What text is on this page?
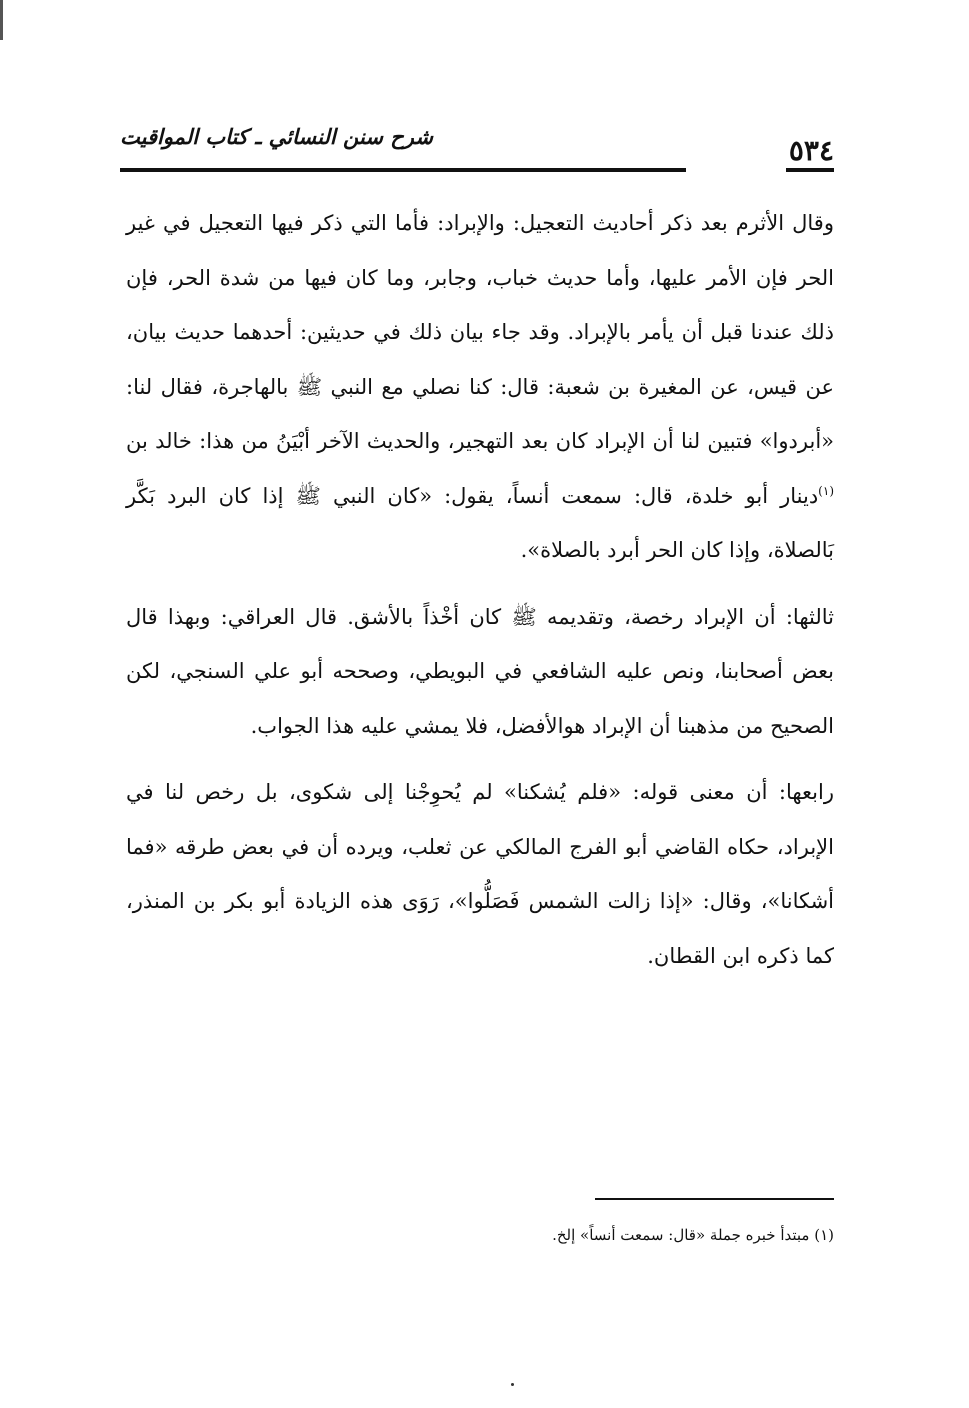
٥٣٤
شرح سنن النسائي ـ كتاب المواقيت

وقال الأثرم بعد ذكر أحاديث التعجيل: والإبراد: فأما التي ذكر فيها التعجيل في غير الحر فإن الأمر عليها، وأما حديث خباب، وجابر، وما كان فيها من شدة الحر، فإن ذلك عندنا قبل أن يأمر بالإبراد. وقد جاء بيان ذلك في حديثين: أحدهما حديث بيان، عن قيس، عن المغيرة بن شعبة: قال: كنا نصلي مع النبي ﷺ بالهاجرة، فقال لنا: «أبردوا» فتبين لنا أن الإبراد كان بعد التهجير، والحديث الآخر أبْيَنُ من هذا: خالد بن $^{(١)}$دينار أبو خلدة، قال: سمعت أنساً، يقول: «كان النبي ﷺ إذا كان البرد بَكَّر بَالصلاة، وإذا كان الحر أبرد بالصلاة».

ثالثها: أن الإبراد رخصة، وتقديمه ﷺ كان أخْذاً بالأشق. قال العراقي: وبهذا قال بعض أصحابنا، ونص عليه الشافعي في البويطي، وصححه أبو علي السنجي، لكن الصحيح من مذهبنا أن الإبراد هوالأفضل، فلا يمشي عليه هذا الجواب.

رابعها: أن معنى قوله: «فلم يُشكنا» لم يُحوِجْنا إلى شكوى، بل رخص لنا في الإبراد، حكاه القاضي أبو الفرج المالكي عن ثعلب، ويرده أن في بعض طرقه «فما أشكانا»، وقال: «إذا زالت الشمس فَصَلُّوا»، رَوَى هذه الزيادة أبو بكر بن المنذر، كما ذكره ابن القطان.

(١) مبتدأ خبره جملة «قال: سمعت أنساً» إلخ.
